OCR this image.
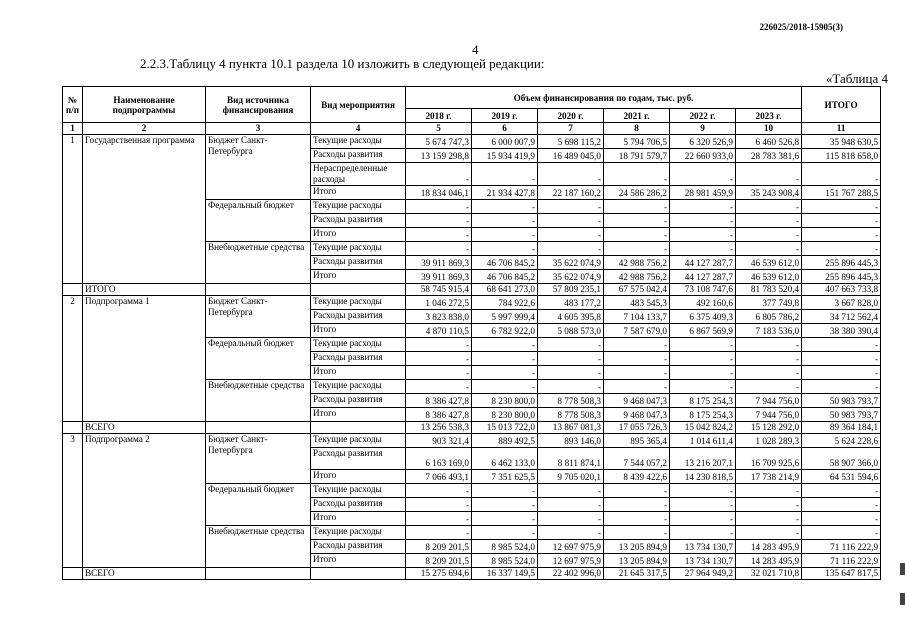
226025/2018-15905(3)
4
2.2.3.Таблицу 4 пункта 10.1 раздела 10 изложить в следующей редакции:
«Таблица 4
№ п/п	Наименование подпрограммы	Вид источника финансирования	Вид мероприятия	Объем финансирования по годам, тыс. руб.						ИТОГО
				2018 г.	2019 г.	2020 г.	2021 г.	2022 г.	2023 г.	
1	2	3	4	5	6	7	8	9	10	11
1	Государственная программа	Бюджет Санкт-Петербурга	Текущие расходы	5 674 747,3	6 000 007,9	5 698 115,2	5 794 706,5	6 320 526,9	6 460 526,8	35 948 630,5
			Расходы развития	13 159 298,8	15 934 419,9	16 489 045,0	18 791 579,7	22 660 933,0	28 783 381,6	115 818 658,0
			Нераспределенные расходы	-	-	-	-	-	-	-
			Итого	18 834 046,1	21 934 427,8	22 187 160,2	24 586 286,2	28 981 459,9	35 243 908,4	151 767 288,5
		Федеральный бюджет	Текущие расходы	-	-	-	-	-	-	-
			Расходы развития	-	-	-	-	-	-	-
			Итого	-	-	-	-	-	-	-
		Внебюджетные средства	Текущие расходы	-	-	-	-	-	-	-
			Расходы развития	39 911 869,3	46 706 845,2	35 622 074,9	42 988 756,2	44 127 287,7	46 539 612,0	255 896 445,3
			Итого	39 911 869,3	46 706 845,2	35 622 074,9	42 988 756,2	44 127 287,7	46 539 612,0	255 896 445,3
	ИТОГО			58 745 915,4	68 641 273,0	57 809 235,1	67 575 042,4	73 108 747,6	81 783 520,4	407 663 733,8
2	Подпрограмма 1	Бюджет Санкт-Петербурга	Текущие расходы	1 046 272,5	784 922,6	483 177,2	483 545,3	492 160,6	377 749,8	3 667 828,0
			Расходы развития	3 823 838,0	5 997 999,4	4 605 395,8	7 104 133,7	6 375 409,3	6 805 786,2	34 712 562,4
			Итого	4 870 110,5	6 782 922,0	5 088 573,0	7 587 679,0	6 867 569,9	7 183 536,0	38 380 390,4
		Федеральный бюджет	Текущие расходы	-	-	-	-	-	-	-
			Расходы развития	-	-	-	-	-	-	-
			Итого	-	-	-	-	-	-	-
		Внебюджетные средства	Текущие расходы	-	-	-	-	-	-	-
			Расходы развития	8 386 427,8	8 230 800,0	8 778 508,3	9 468 047,3	8 175 254,3	7 944 756,0	50 983 793,7
			Итого	8 386 427,8	8 230 800,0	8 778 508,3	9 468 047,3	8 175 254,3	7 944 756,0	50 983 793,7
	ВСЕГО			13 256 538,3	15 013 722,0	13 867 081,3	17 055 726,3	15 042 824,2	15 128 292,0	89 364 184,1
3	Подпрограмма 2	Бюджет Санкт-Петербурга	Текущие расходы	903 321,4	889 492,5	893 146,0	895 365,4	1 014 611,4	1 028 289,3	5 624 228,6
			Расходы развития	6 163 169,0	6 462 133,0	8 811 874,1	7 544 057,2	13 216 207,1	16 709 925,6	58 907 366,0
			Итого	7 066 493,1	7 351 625,5	9 705 020,1	8 439 422,6	14 230 818,5	17 738 214,9	64 531 594,6
		Федеральный бюджет	Текущие расходы	-	-	-	-	-	-	-
			Расходы развития	-	-	-	-	-	-	-
			Итого	-	-	-	-	-	-	-
		Внебюджетные средства	Текущие расходы	-	-	-	-	-	-	-
			Расходы развития	8 209 201,5	8 985 524,0	12 697 975,9	13 205 894,9	13 734 130,7	14 283 495,9	71 116 222,9
			Итого	8 209 201,5	8 985 524,0	12 697 975,9	13 205 894,9	13 734 130,7	14 283 495,9	71 116 222,9
	ВСЕГО			15 275 694,6	16 337 149,5	22 402 996,0	21 645 317,5	27 964 949,2	32 021 710,8	135 647 817,5
